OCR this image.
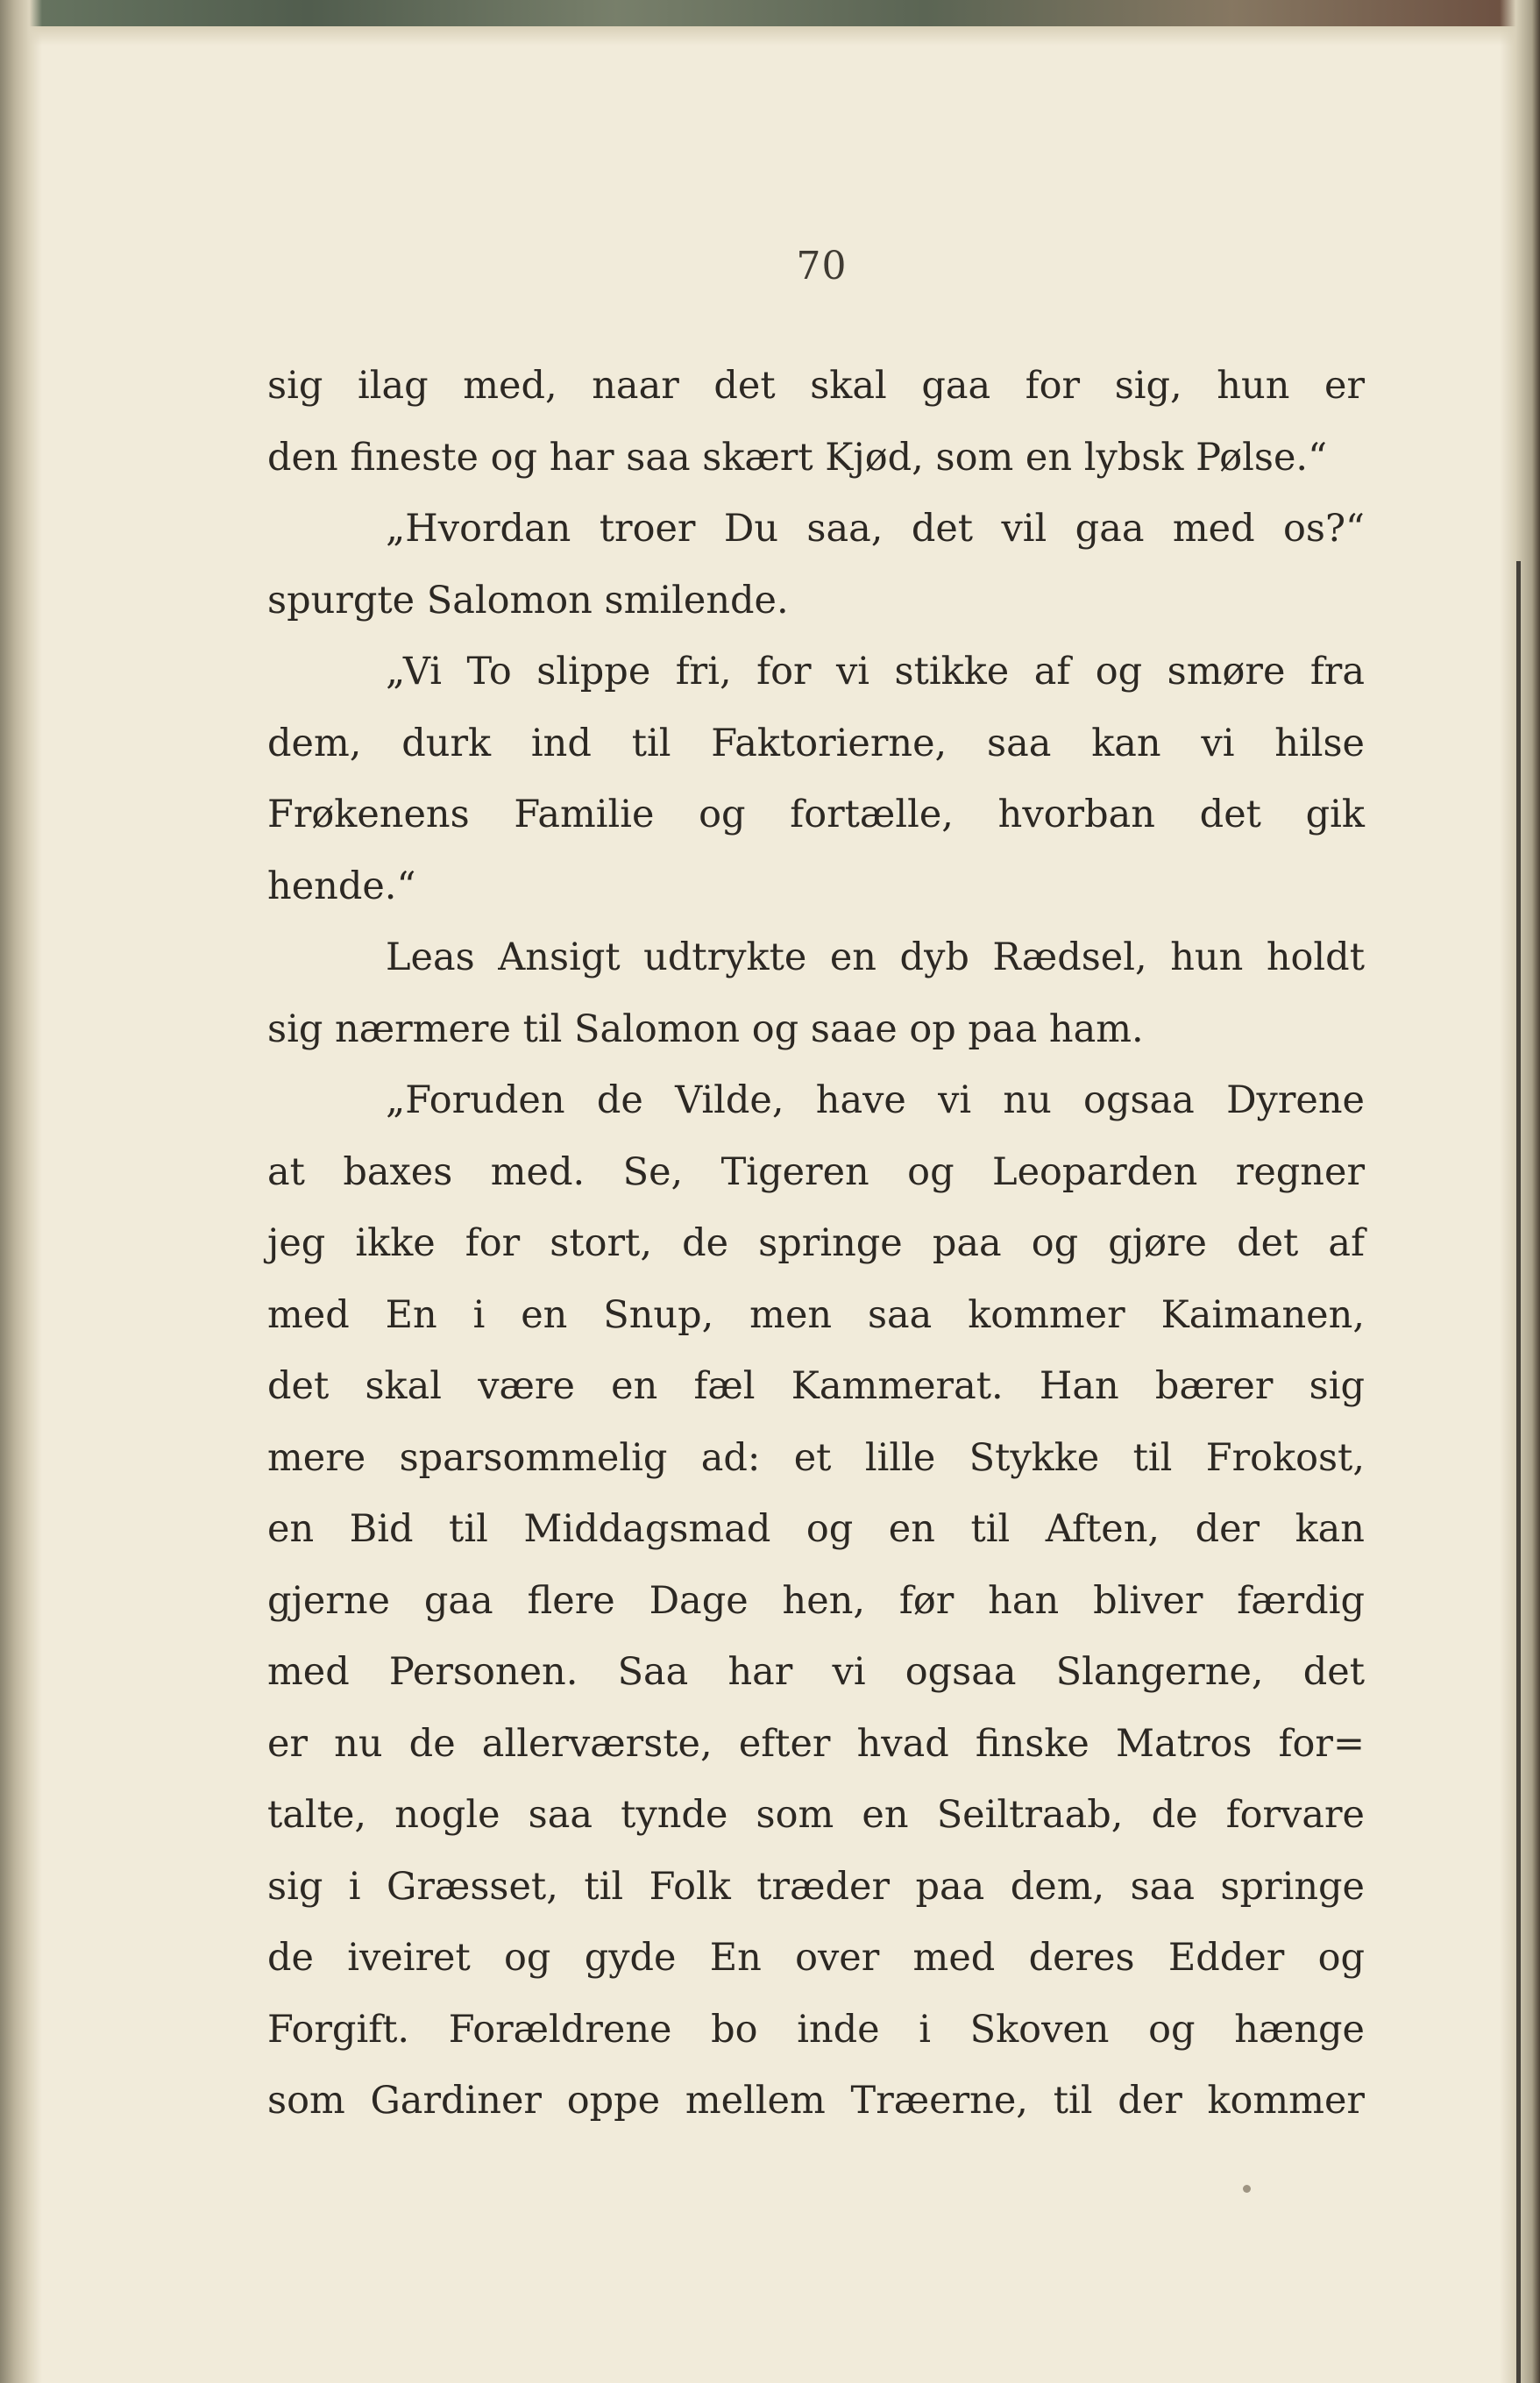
70
sig ilag med, naar det skal gaa for sig, hun er
den fineste og har saa skært Kjød, som en lybsk Pølse.“
„Hvordan troer Du saa, det vil gaa med os?“
spurgte Salomon smilende.
„Vi To slippe fri, for vi stikke af og smøre fra
dem, durk ind til Faktorierne, saa kan vi hilse
Frøkenens Familie og fortælle, hvorban det gik
hende.“
Leas Ansigt udtrykte en dyb Rædsel, hun holdt
sig nærmere til Salomon og saae op paa ham.
„Foruden de Vilde, have vi nu ogsaa Dyrene
at baxes med. Se, Tigeren og Leoparden regner
jeg ikke for stort, de springe paa og gjøre det af
med En i en Snup, men saa kommer Kaimanen,
det skal være en fæl Kammerat. Han bærer sig
mere sparsommelig ad: et lille Stykke til Frokost,
en Bid til Middagsmad og en til Aften, der kan
gjerne gaa flere Dage hen, før han bliver færdig
med Personen. Saa har vi ogsaa Slangerne, det
er nu de allerværste, efter hvad finske Matros for=
talte, nogle saa tynde som en Seiltraab, de forvare
sig i Græsset, til Folk træder paa dem, saa springe
de iveiret og gyde En over med deres Edder og
Forgift. Forældrene bo inde i Skoven og hænge
som Gardiner oppe mellem Træerne, til der kommer
